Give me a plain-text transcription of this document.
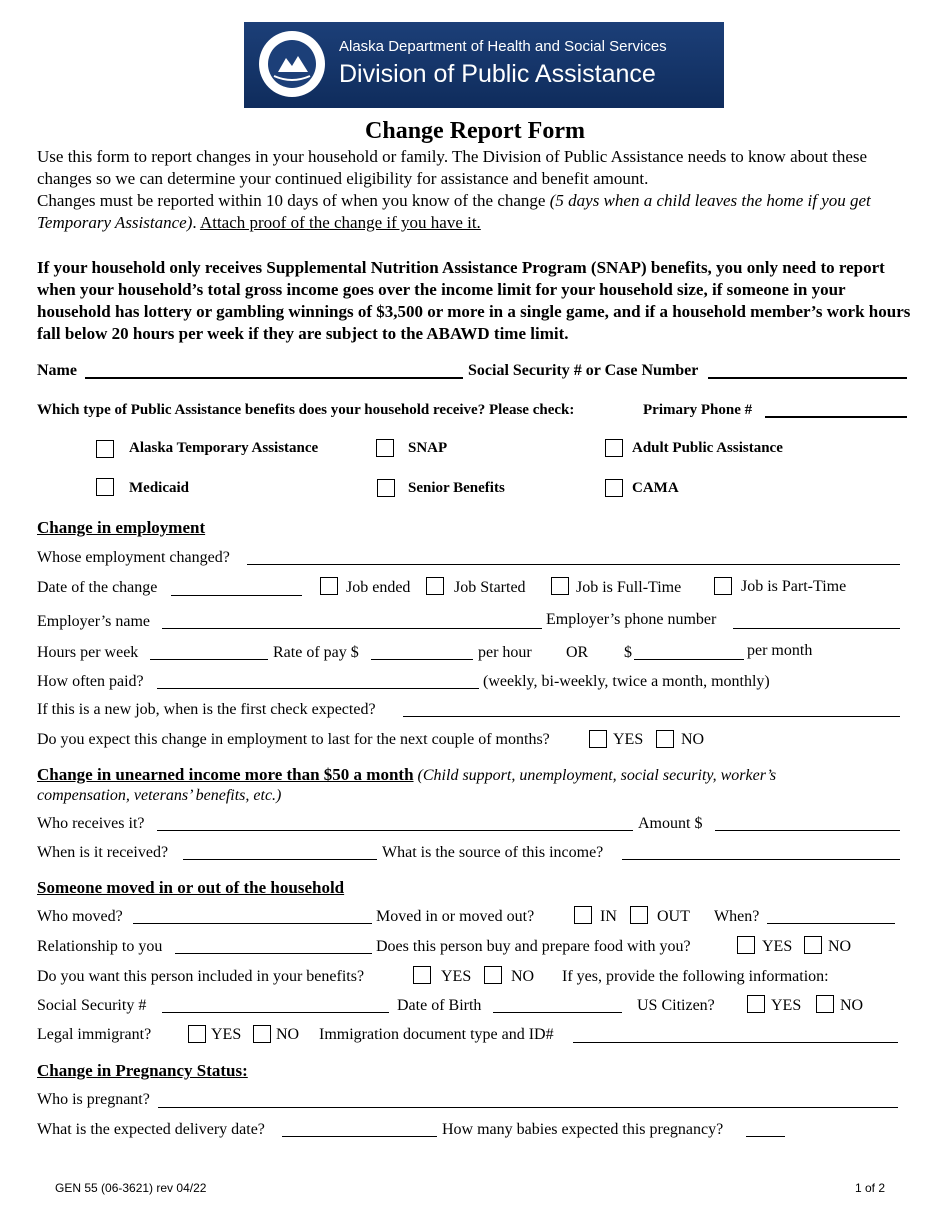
Alaska Department of Health and Social Services
Division of Public Assistance
Change Report Form
Use this form to report changes in your household or family. The Division of Public Assistance needs to know about these changes so we can determine your continued eligibility for assistance and benefit amount.
Changes must be reported within 10 days of when you know of the change (5 days when a child leaves the home if you get Temporary Assistance). Attach proof of the change if you have it.
If your household only receives Supplemental Nutrition Assistance Program (SNAP) benefits, you only need to report when your household’s total gross income goes over the income limit for your household size, if someone in your household has lottery or gambling winnings of $3,500 or more in a single game, and if a household member’s work hours fall below 20 hours per week if they are subject to the ABAWD time limit.
Name	Social Security # or Case Number
Which type of Public Assistance benefits does your household receive? Please check:	Primary Phone #
Alaska Temporary Assistance	SNAP	Adult Public Assistance
Medicaid	Senior Benefits	CAMA
Change in employment
Whose employment changed?
Date of the change	Job ended	Job Started	Job is Full-Time	Job is Part-Time
Employer’s name	Employer’s phone number
Hours per week	Rate of pay $	per hour OR $	per month
How often paid?	(weekly, bi-weekly, twice a month, monthly)
If this is a new job, when is the first check expected?
Do you expect this change in employment to last for the next couple of months?	YES NO
Change in unearned income more than $50 a month (Child support, unemployment, social security, worker’s
compensation, veterans’ benefits, etc.)
Who receives it?	Amount $
When is it received?	What is the source of this income?
Someone moved in or out of the household
Who moved?	Moved in or moved out?	IN	OUT When?
Relationship to you	Does this person buy and prepare food with you?	YES NO
Do you want this person included in your benefits?	YES NO If yes, provide the following information:
Social Security #	Date of Birth	US Citizen?	YES NO
Legal immigrant?	YES NO Immigration document type and ID#
Change in Pregnancy Status:
Who is pregnant?
What is the expected delivery date?	How many babies expected this pregnancy?
GEN 55 (06-3621) rev 04/22	1 of 2
